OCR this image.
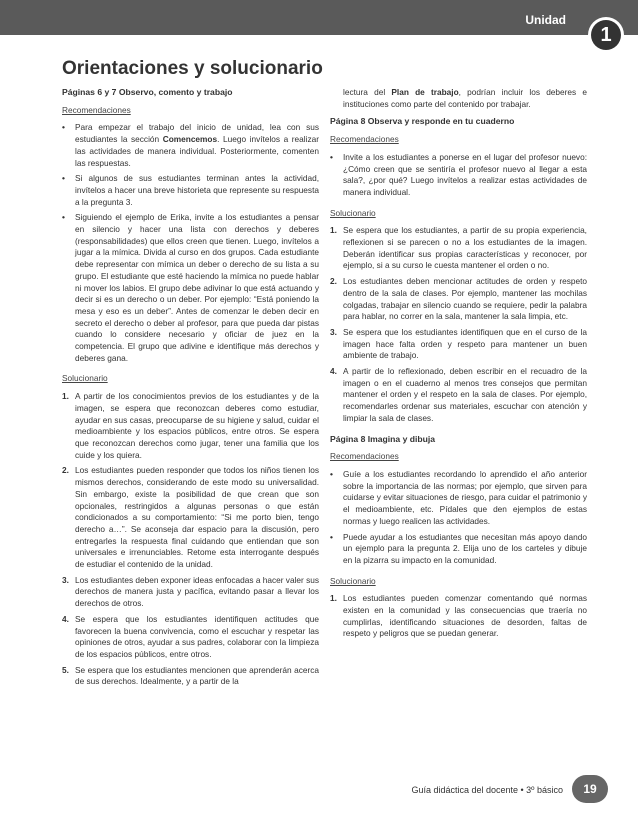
Unidad
1
Orientaciones y solucionario
Páginas 6 y 7 Observo, comento y trabajo
Recomendaciones
• Para empezar el trabajo del inicio de unidad, lea con sus estudiantes la sección Comencemos. Luego invítelos a realizar las actividades de manera individual. Posteriormente, comenten las respuestas.
• Si algunos de sus estudiantes terminan antes la actividad, invítelos a hacer una breve historieta que represente su respuesta a la pregunta 3.
• Siguiendo el ejemplo de Erika, invite a los estudiantes a pensar en silencio y hacer una lista con derechos y deberes (responsabilidades) que ellos creen que tienen. Luego, invítelos a jugar a la mímica. Divida al curso en dos grupos. Cada estudiante debe representar con mímica un deber o derecho de su lista a su grupo. El estudiante que esté haciendo la mímica no puede hablar ni mover los labios. El grupo debe adivinar lo que está actuando y decir si es un derecho o un deber. Por ejemplo: “Está poniendo la mesa y eso es un deber”. Antes de comenzar le deben decir en secreto el derecho o deber al profesor, para que pueda dar pistas cuando lo considere necesario y oficiar de juez en la competencia. El grupo que adivine e identifique más derechos y deberes gana.
Solucionario
1. A partir de los conocimientos previos de los estudiantes y de la imagen, se espera que reconozcan deberes como estudiar, ayudar en sus casas, preocuparse de su higiene y salud, cuidar el medioambiente y los espacios públicos, entre otros. Se espera que reconozcan derechos como jugar, tener una familia que los cuide y los quiera.
2. Los estudiantes pueden responder que todos los niños tienen los mismos derechos, considerando de este modo su universalidad. Sin embargo, existe la posibilidad de que crean que son opcionales, restringidos a algunas personas o que están condicionados a su comportamiento: “Si me porto bien, tengo derecho a…”. Se aconseja dar espacio para la discusión, pero entregarles la respuesta final cuidando que entiendan que son universales e irrenunciables. Retome esta interrogante después de estudiar el contenido de la unidad.
3. Los estudiantes deben exponer ideas enfocadas a hacer valer sus derechos de manera justa y pacífica, evitando pasar a llevar los derechos de otros.
4. Se espera que los estudiantes identifiquen actitudes que favorecen la buena convivencia, como el escuchar y respetar las opiniones de otros, ayudar a sus padres, colaborar con la limpieza de los espacios públicos, entre otros.
5. Se espera que los estudiantes mencionen que aprenderán acerca de sus derechos. Idealmente, y a partir de la
lectura del Plan de trabajo, podrían incluir los deberes e instituciones como parte del contenido por trabajar.
Página 8 Observa y responde en tu cuaderno
Recomendaciones
• Invite a los estudiantes a ponerse en el lugar del profesor nuevo: ¿Cómo creen que se sentiría el profesor nuevo al llegar a esta sala?, ¿por qué? Luego invítelos a realizar estas actividades de manera individual.
Solucionario
1. Se espera que los estudiantes, a partir de su propia experiencia, reflexionen si se parecen o no a los estudiantes de la imagen. Deberán identificar sus propias características y reconocer, por ejemplo, si a su curso le cuesta mantener el orden o no.
2. Los estudiantes deben mencionar actitudes de orden y respeto dentro de la sala de clases. Por ejemplo, mantener las mochilas colgadas, trabajar en silencio cuando se requiere, pedir la palabra para hablar, no correr en la sala, mantener la sala limpia, etc.
3. Se espera que los estudiantes identifiquen que en el curso de la imagen hace falta orden y respeto para mantener un buen ambiente de trabajo.
4. A partir de lo reflexionado, deben escribir en el recuadro de la imagen o en el cuaderno al menos tres consejos que permitan mantener el orden y el respeto en la sala de clases. Por ejemplo, recomendarles ordenar sus materiales, escuchar con atención y limpiar la sala de clases.
Página 8 Imagina y dibuja
Recomendaciones
• Guíe a los estudiantes recordando lo aprendido el año anterior sobre la importancia de las normas; por ejemplo, que sirven para cuidarse y evitar situaciones de riesgo, para cuidar el patrimonio y el medioambiente, etc. Pídales que den ejemplos de estas normas y luego realicen las actividades.
• Puede ayudar a los estudiantes que necesitan más apoyo dando un ejemplo para la pregunta 2. Elija uno de los carteles y dibuje en la pizarra su impacto en la comunidad.
Solucionario
1. Los estudiantes pueden comenzar comentando qué normas existen en la comunidad y las consecuencias que traería no cumplirlas, identificando situaciones de desorden, faltas de respeto y peligros que se puedan generar.
Guía didáctica del docente • 3º básico	19
